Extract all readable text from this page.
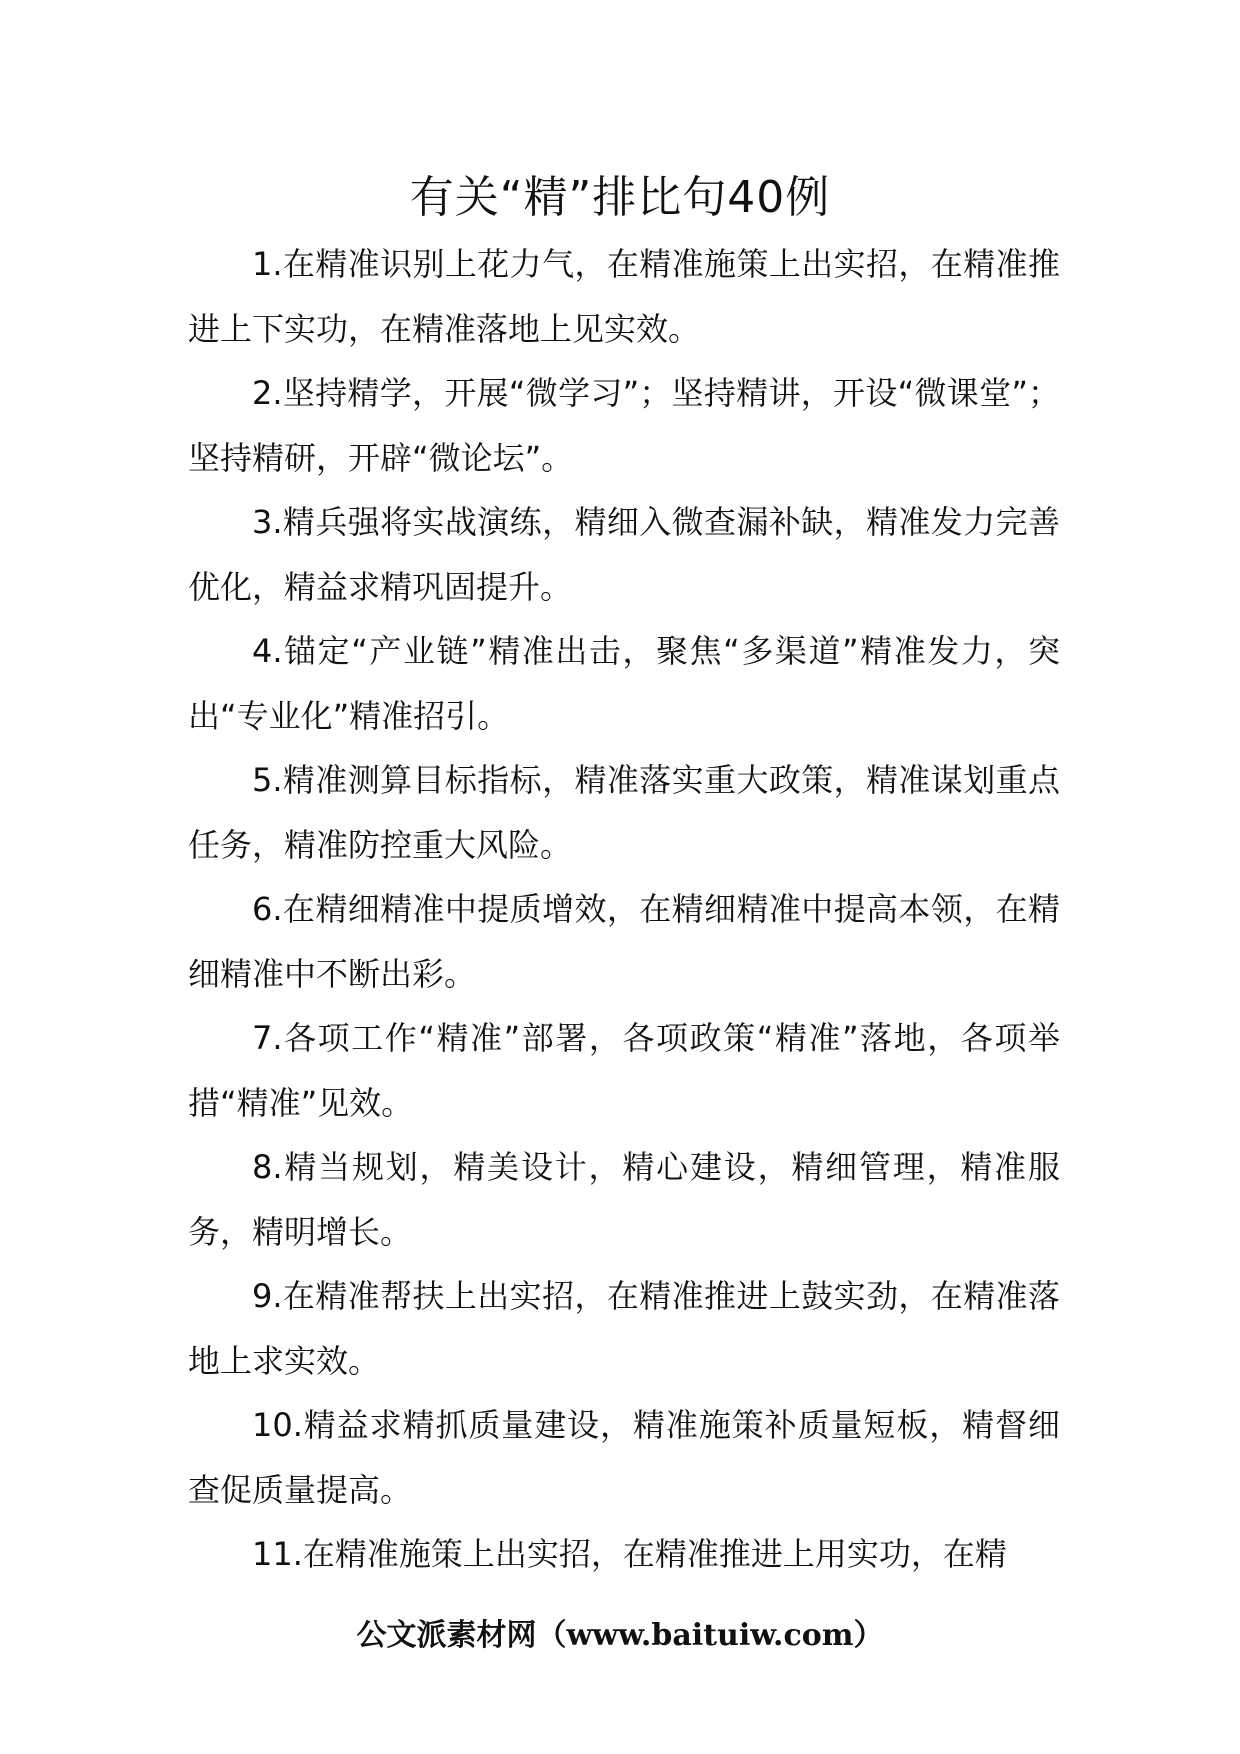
有关“精”排比句40例

1.在精准识别上花力气，在精准施策上出实招，在精准推进上下实功，在精准落地上见实效。

2.坚持精学，开展“微学习”；坚持精讲，开设“微课堂”；坚持精研，开辟“微论坛”。

3.精兵强将实战演练，精细入微查漏补缺，精准发力完善优化，精益求精巩固提升。

4.锚定“产业链”精准出击，聚焦“多渠道”精准发力，突出“专业化”精准招引。

5.精准测算目标指标，精准落实重大政策，精准谋划重点任务，精准防控重大风险。

6.在精细精准中提质增效，在精细精准中提高本领，在精细精准中不断出彩。

7.各项工作“精准”部署，各项政策“精准”落地，各项举措“精准”见效。

8.精当规划，精美设计，精心建设，精细管理，精准服务，精明增长。

9.在精准帮扶上出实招，在精准推进上鼓实劲，在精准落地上求实效。

10.精益求精抓质量建设，精准施策补质量短板，精督细查促质量提高。

11.在精准施策上出实招，在精准推进上用实功，在精

公文派素材网（www.baituiw.com）
